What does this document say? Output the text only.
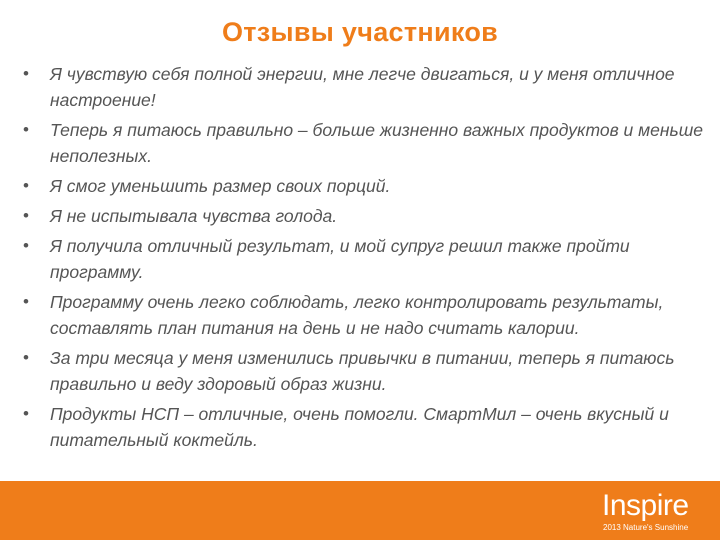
Отзывы участников
• Я чувствую себя полной энергии, мне легче двигаться, и у меня отличное настроение!
• Теперь я питаюсь правильно – больше жизненно важных продуктов и меньше неполезных.
• Я смог уменьшить размер своих порций.
• Я не испытывала чувства голода.
• Я получила отличный результат, и мой супруг решил также пройти программу.
• Программу очень легко соблюдать, легко контролировать результаты, составлять план питания на день и не надо считать калории.
• За три месяца у меня изменились привычки в питании, теперь я питаюсь правильно и веду здоровый образ жизни.
• Продукты НСП – отличные, очень помогли. СмартМил – очень вкусный и питательный коктейль.
Inspire
2013 Nature's Sunshine
